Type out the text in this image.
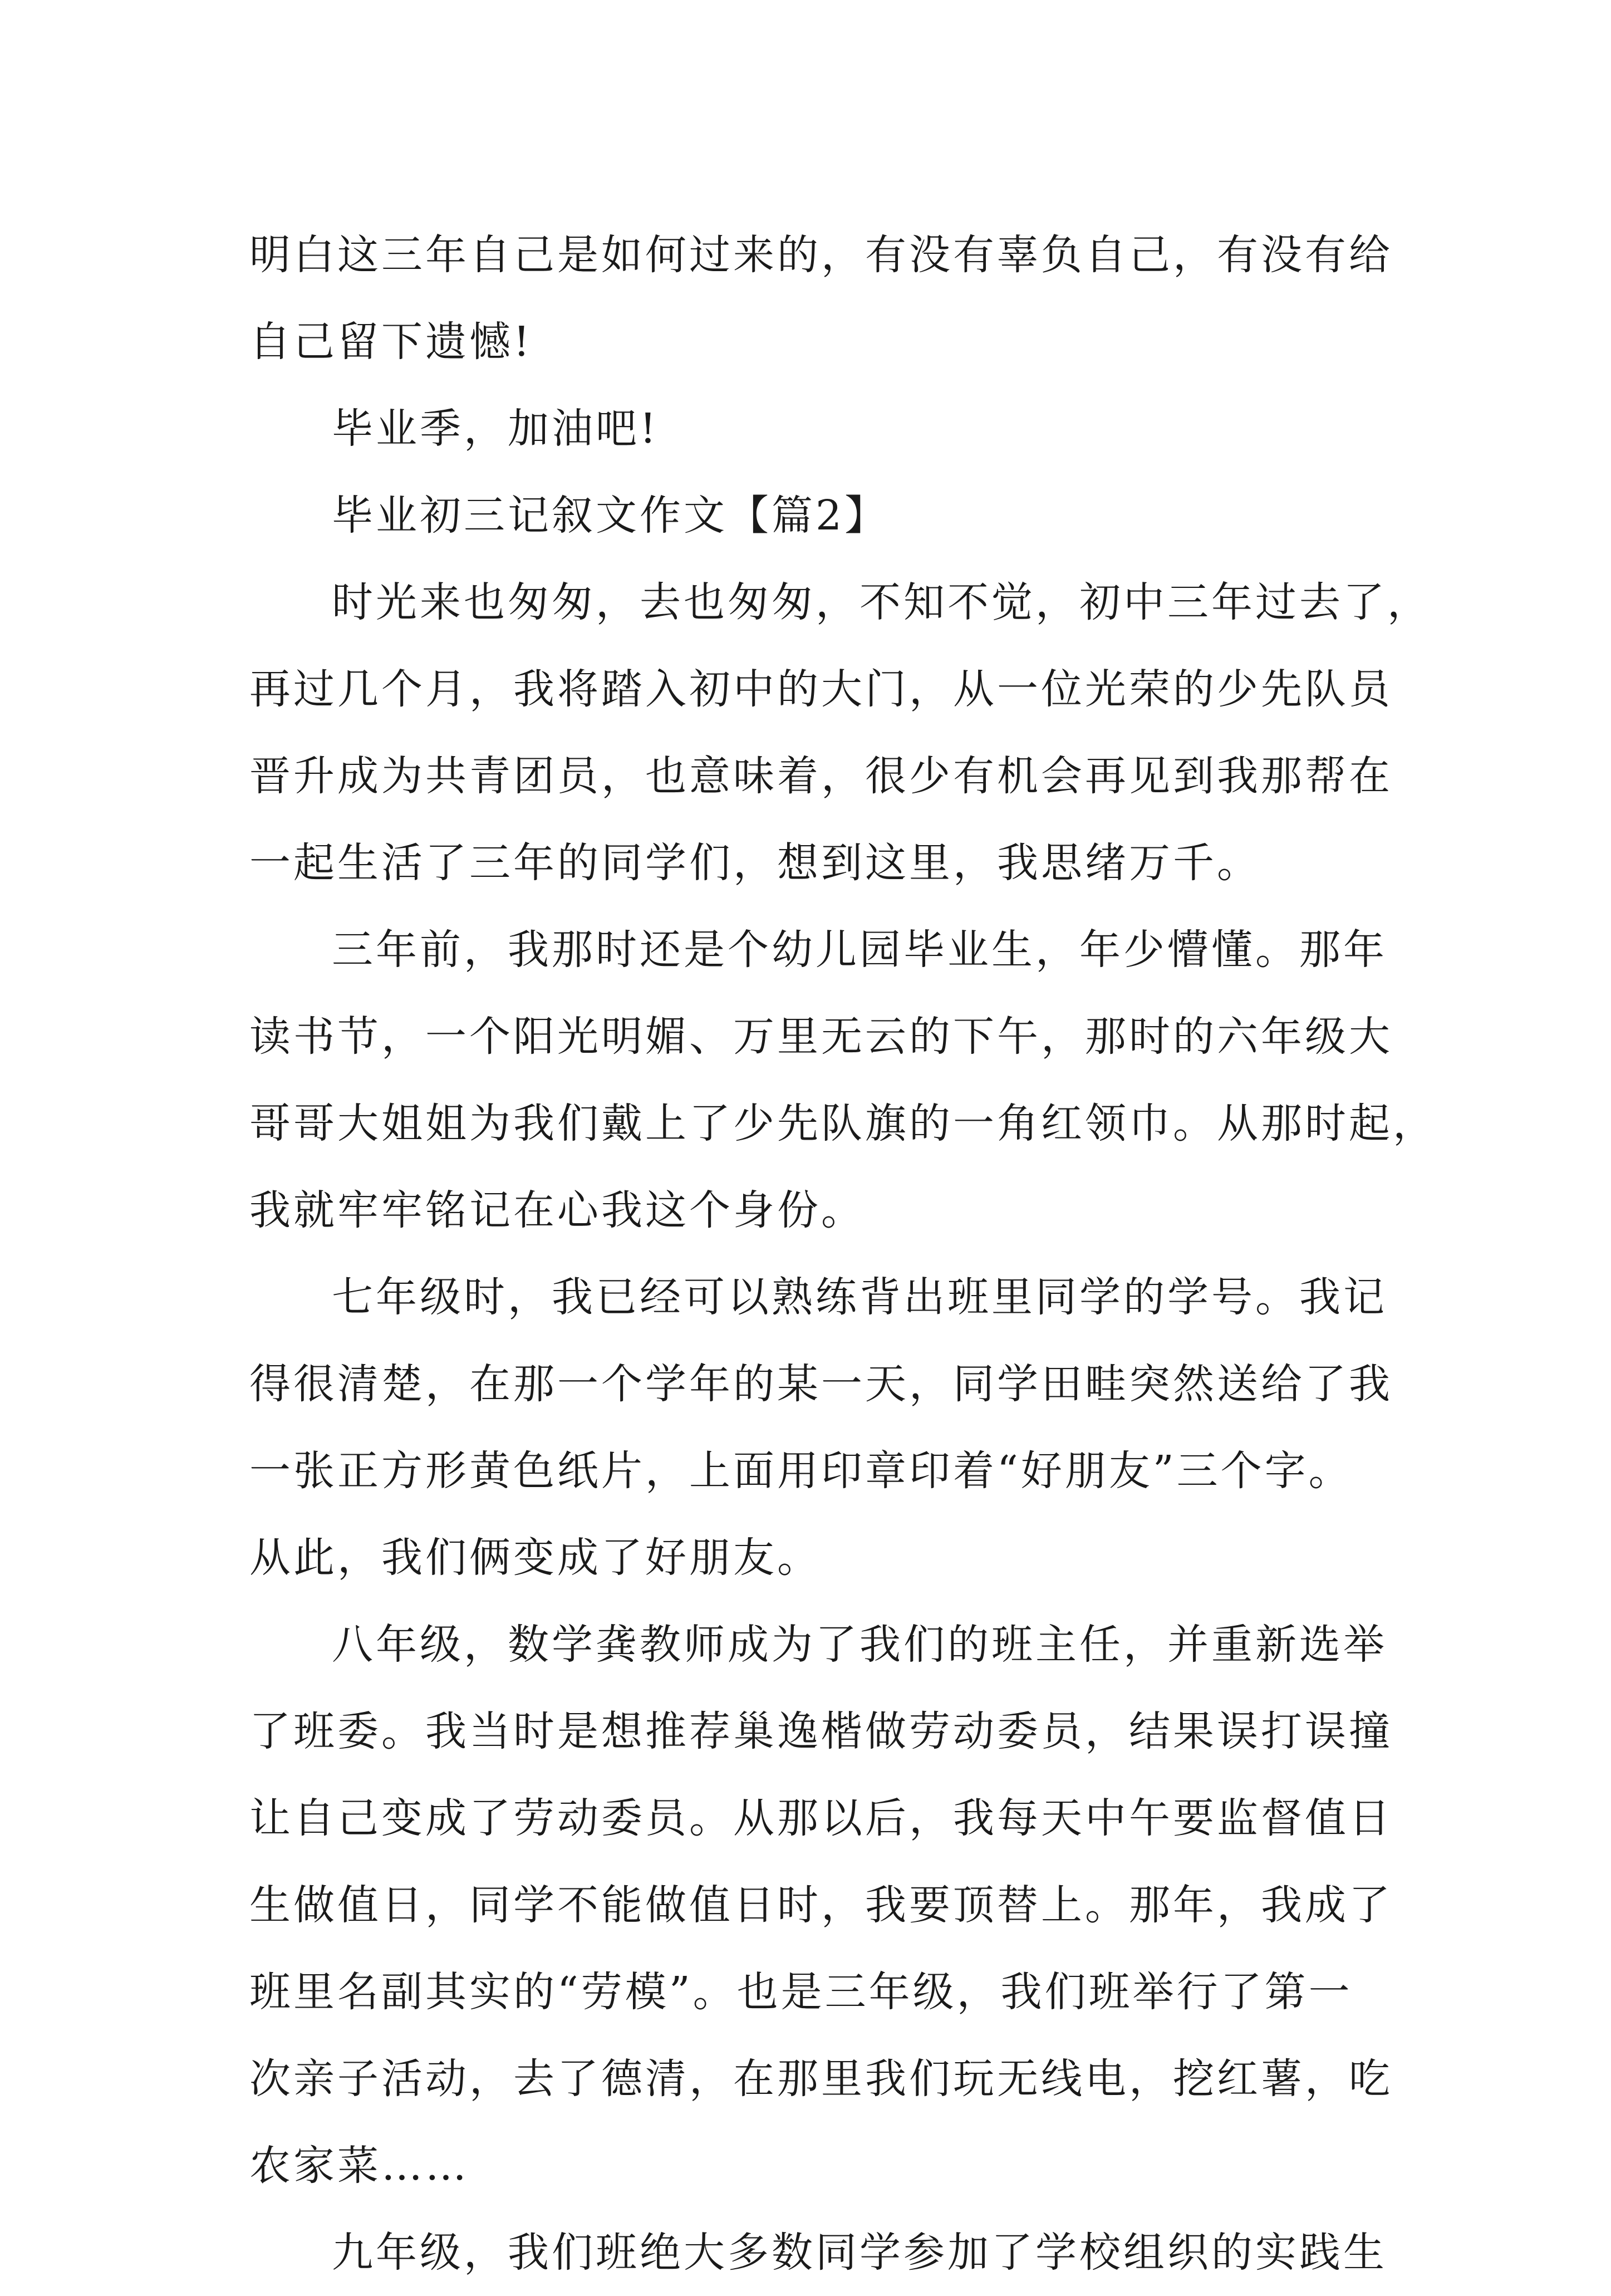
明白这三年自己是如何过来的，有没有辜负自己，有没有给
自己留下遗憾!
毕业季，加油吧!
毕业初三记叙文作文【篇2】
时光来也匆匆，去也匆匆，不知不觉，初中三年过去了，
再过几个月，我将踏入初中的大门，从一位光荣的少先队员
晋升成为共青团员，也意味着，很少有机会再见到我那帮在
一起生活了三年的同学们，想到这里，我思绪万千。
三年前，我那时还是个幼儿园毕业生，年少懵懂。那年
读书节，一个阳光明媚、万里无云的下午，那时的六年级大
哥哥大姐姐为我们戴上了少先队旗的一角红领巾。从那时起，
我就牢牢铭记在心我这个身份。
七年级时，我已经可以熟练背出班里同学的学号。我记
得很清楚，在那一个学年的某一天，同学田畦突然送给了我
一张正方形黄色纸片，上面用印章印着“好朋友”三个字。
从此，我们俩变成了好朋友。
八年级，数学龚教师成为了我们的班主任，并重新选举
了班委。我当时是想推荐巢逸楷做劳动委员，结果误打误撞
让自己变成了劳动委员。从那以后，我每天中午要监督值日
生做值日，同学不能做值日时，我要顶替上。那年，我成了
班里名副其实的“劳模”。也是三年级，我们班举行了第一
次亲子活动，去了德清，在那里我们玩无线电，挖红薯，吃
农家菜……
九年级，我们班绝大多数同学参加了学校组织的实践生
